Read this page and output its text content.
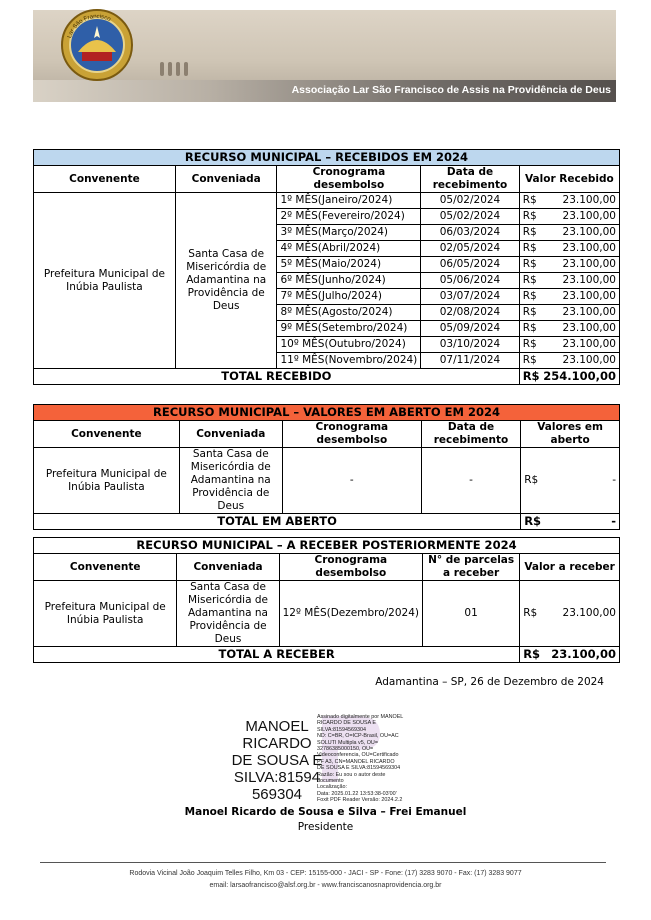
Lar São Francisco
Associação Lar São Francisco de Assis na Providência de Deus
RECURSO MUNICIPAL – RECEBIDOS EM 2024					
Convenente	Conveniada	Cronograma desembolso	Data de recebimento	Valor Recebido	
Prefeitura Municipal de Inúbia Paulista	Santa Casa de Misericórdia de Adamantina na Providência de Deus	1º MÊS(Janeiro/2024)	05/02/2024	R$	23.100,00
		2º MÊS(Fevereiro/2024)	05/02/2024	R$	23.100,00
		3º MÊS(Março/2024)	06/03/2024	R$	23.100,00
		4º MÊS(Abril/2024)	02/05/2024	R$	23.100,00
		5º MÊS(Maio/2024)	06/05/2024	R$	23.100,00
		6º MÊS(Junho/2024)	05/06/2024	R$	23.100,00
		7º MÊS(Julho/2024)	03/07/2024	R$	23.100,00
		8º MÊS(Agosto/2024)	02/08/2024	R$	23.100,00
		9º MÊS(Setembro/2024)	05/09/2024	R$	23.100,00
		10º MÊS(Outubro/2024)	03/10/2024	R$	23.100,00
		11º MÊS(Novembro/2024)	07/11/2024	R$	23.100,00
TOTAL RECEBIDO				R$	254.100,00
RECURSO MUNICIPAL – VALORES EM ABERTO EM 2024					
Convenente	Conveniada	Cronograma desembolso	Data de recebimento	Valores em aberto	
Prefeitura Municipal de Inúbia Paulista	Santa Casa de Misericórdia de Adamantina na Providência de Deus	-	-	R$	-
TOTAL EM ABERTO				R$	-
RECURSO MUNICIPAL – A RECEBER POSTERIORMENTE 2024					
Convenente	Conveniada	Cronograma desembolso	N° de parcelas a receber	Valor a receber	
Prefeitura Municipal de Inúbia Paulista	Santa Casa de Misericórdia de Adamantina na Providência de Deus	12º MÊS(Dezembro/2024)	01	R$	23.100,00
TOTAL A RECEBER				R$	23.100,00
Adamantina – SP, 26 de Dezembro de 2024
MANOEL
RICARDO
DE SOUSA E
SILVA:81594
569304
Assinado digitalmente por MANOEL
RICARDO DE SOUSA E
SILVA:81594569304
ND: C=BR, O=ICP-Brasil, OU=AC
SOLUTI Multipla v5, OU=
32786385000150, OU=
Videoconferencia, OU=Certificado
PF A3, CN=MANOEL RICARDO
DE SOUSA E SILVA:81594569304
Razão: Eu sou o autor deste
documento
Localização:
Data: 2025.01.22 13:53:38-03'00'
Foxit PDF Reader Versão: 2024.2.2
Manoel Ricardo de Sousa e Silva – Frei Emanuel
Presidente
Rodovia Vicinal João Joaquim Telles Filho, Km 03 - CEP: 15155-000 - JACI - SP - Fone: (17) 3283 9070 - Fax: (17) 3283 9077
email: larsaofrancisco@alsf.org.br - www.franciscanosnaprovidencia.org.br
